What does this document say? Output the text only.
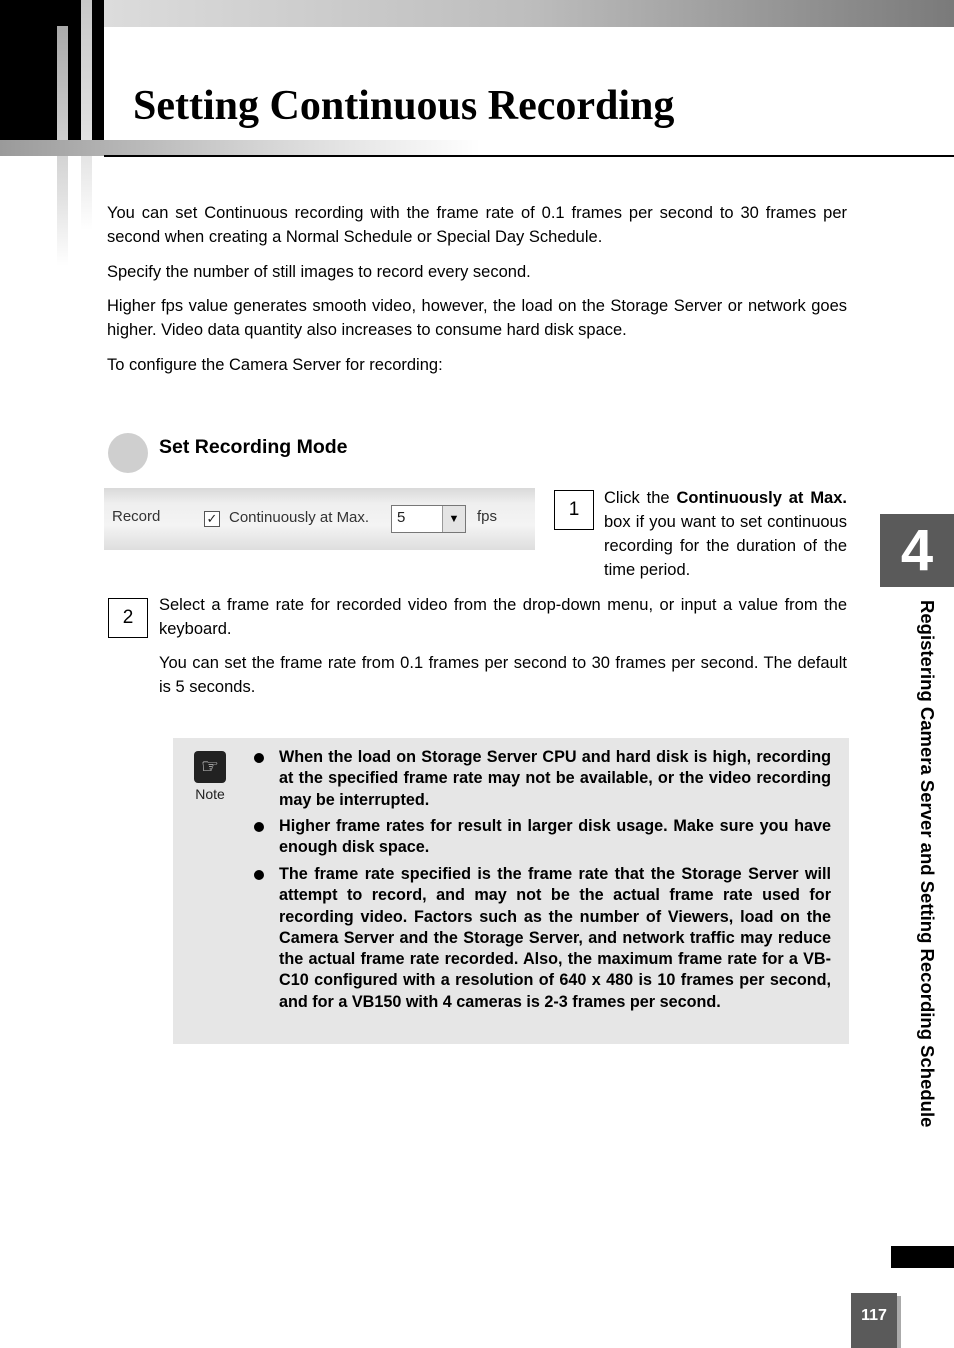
Setting Continuous Recording

You can set Continuous recording with the frame rate of 0.1 frames per second to 30 frames per second when creating a Normal Schedule or Special Day Schedule.

Specify the number of still images to record every second.

Higher fps value generates smooth video, however, the load on the Storage Server or network goes higher. Video data quantity also increases to consume hard disk space.

To configure the Camera Server for recording:

Set Recording Mode
Record	✓ Continuously at Max. 5	▼	fps	1

Click the Continuously at Max. box if you want to set continuous recording for the duration of the time period.

2

Select a frame rate for recorded video from the drop-down menu, or input a value from the keyboard.

You can set the frame rate from 0.1 frames per second to 30 frames per second. The default is 5 seconds.

☞
Note

When the load on Storage Server CPU and hard disk is high, recording at the specified frame rate may not be available, or the video recording may be interrupted.

Higher frame rates for result in larger disk usage. Make sure you have enough disk space.

The frame rate specified is the frame rate that the Storage Server will attempt to record, and may not be the actual frame rate used for recording video. Factors such as the number of Viewers, load on the Camera Server and the Storage Server, and network traffic may reduce the actual frame rate recorded. Also, the maximum frame rate for a VB-C10 configured with a resolution of 640 x 480 is 10 frames per second, and for a VB150 with 4 cameras is 2-3 frames per second.

4
Registering Camera Server and Setting Recording Schedule
117
